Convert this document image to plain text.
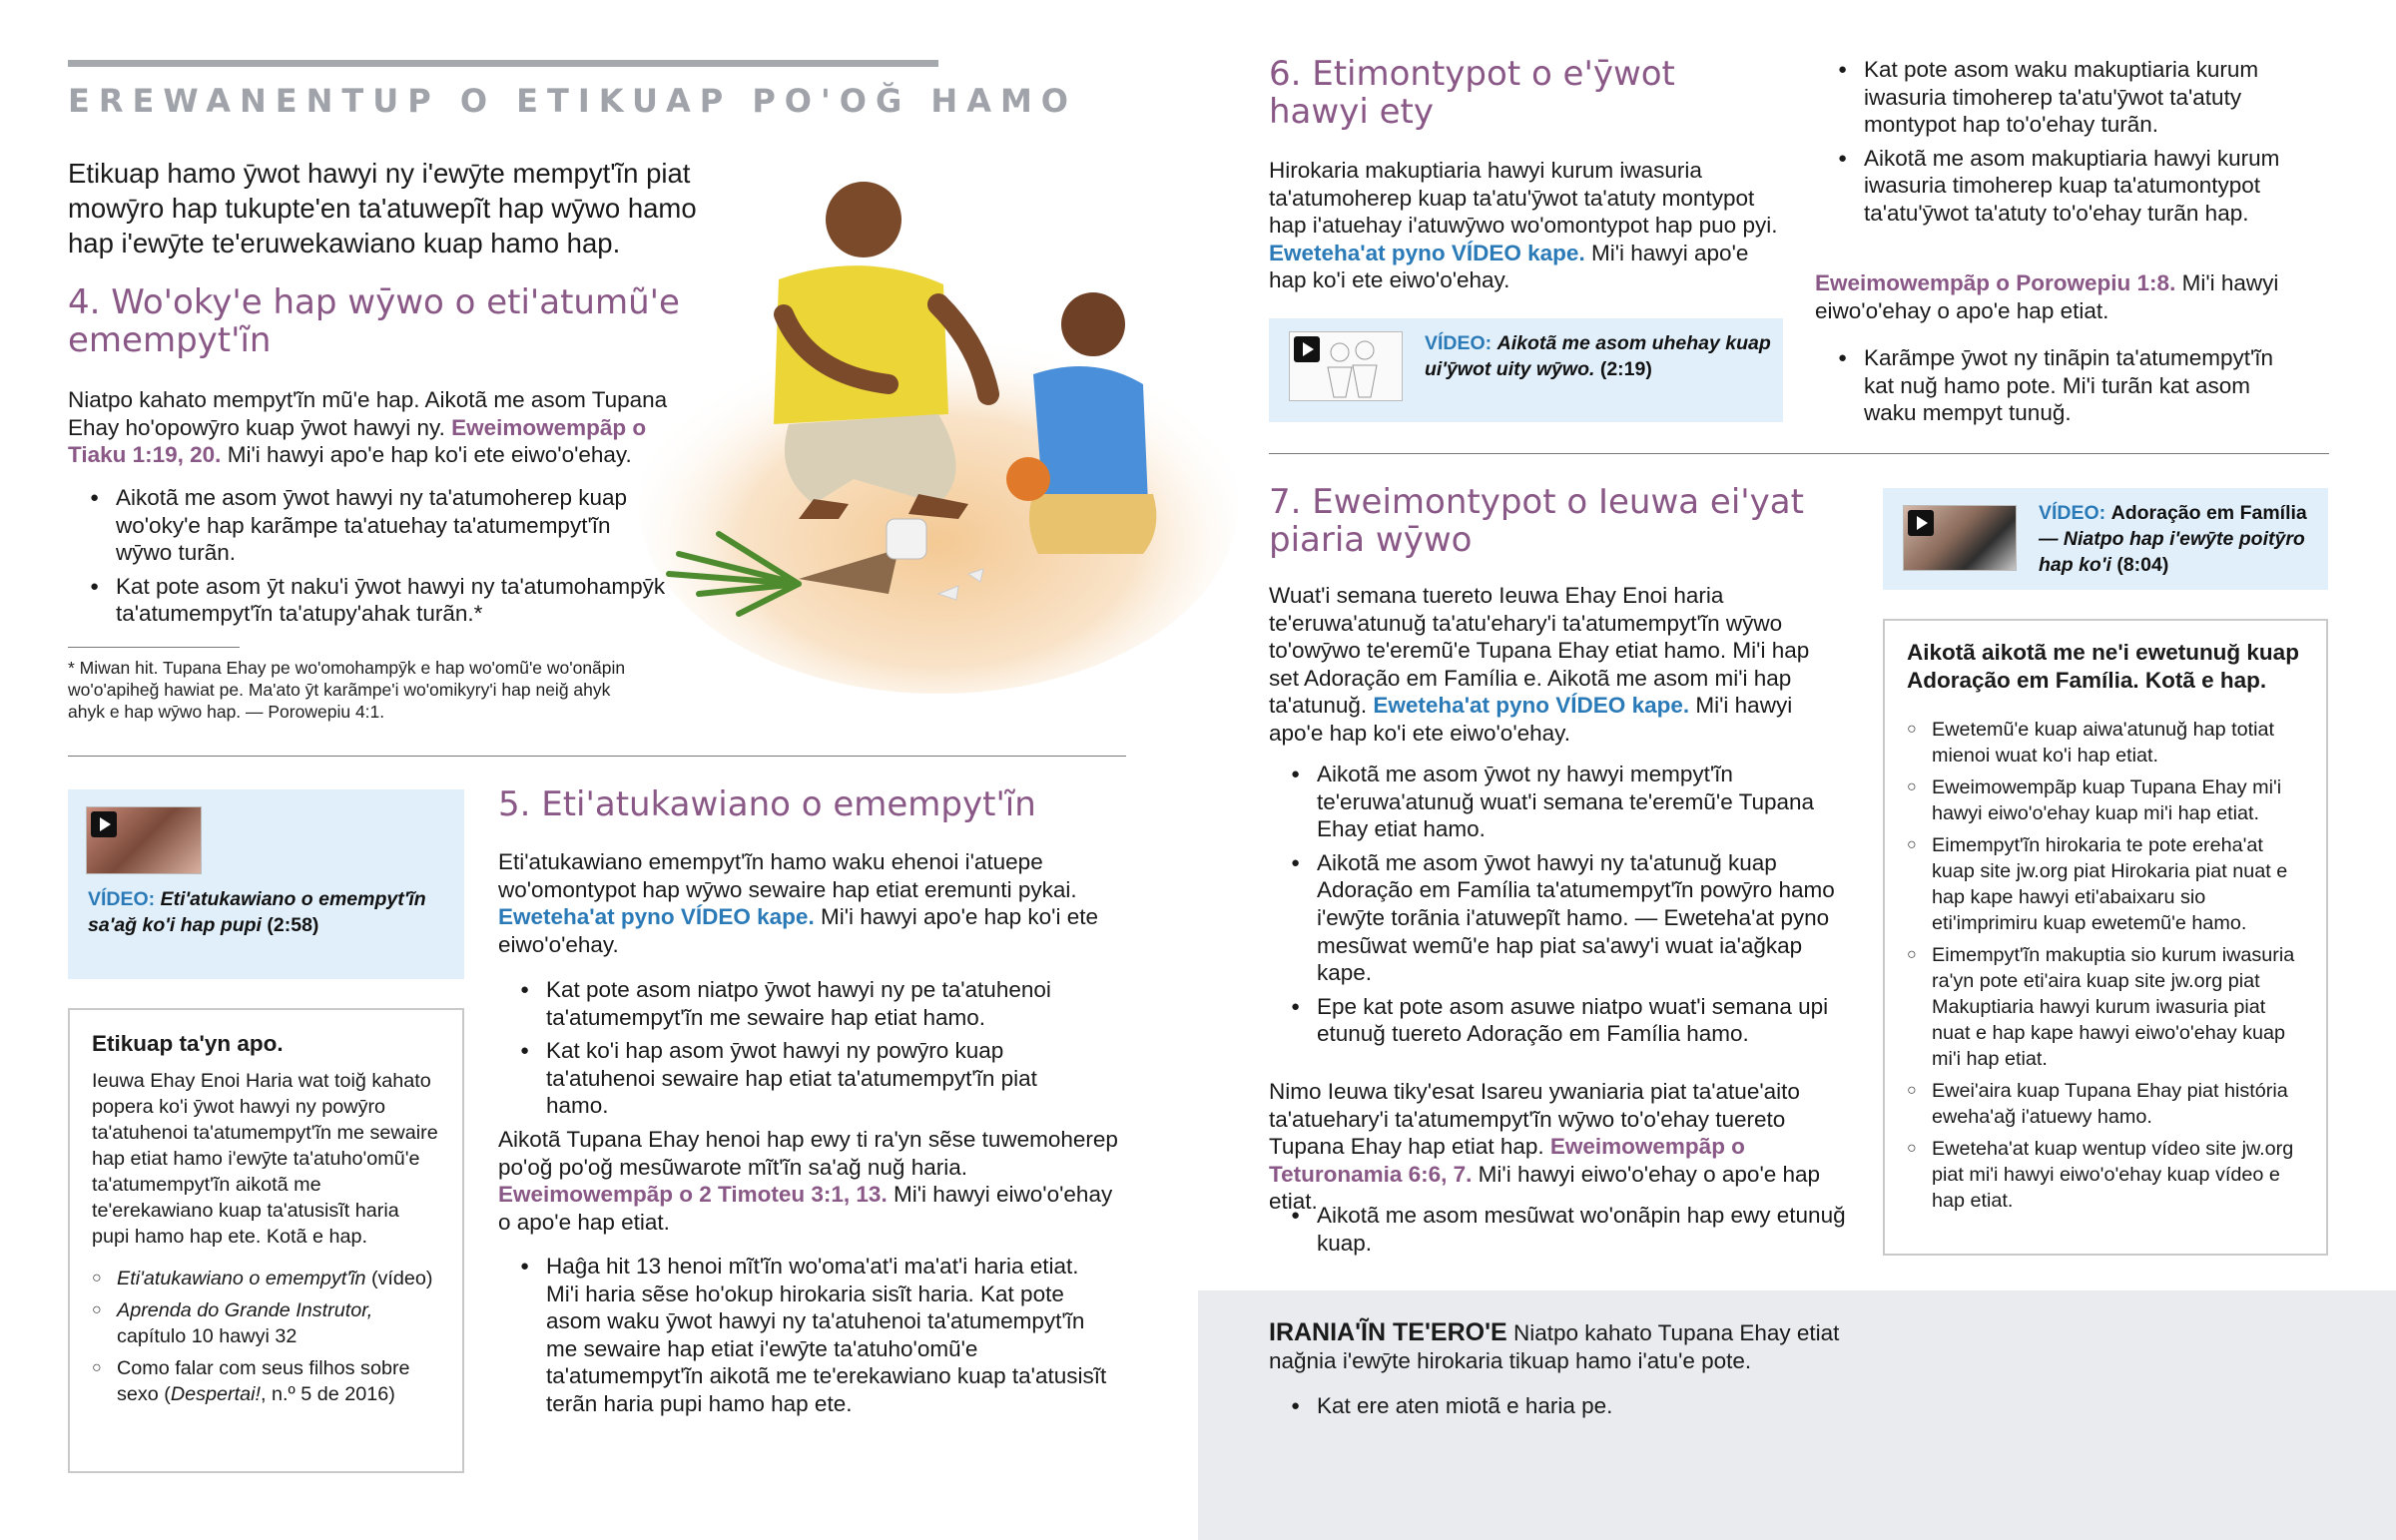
EREWANENTUP O ETIKUAP PO'OĞ HAMO
Etikuap hamo ȳwot hawyi ny i'ewȳte mempyt'ĩn piat mowȳro hap tukupte'en ta'atuwepĩt hap wȳwo hamo hap i'ewȳte te'eruwekawiano kuap hamo hap.
4. Wo'oky'e hap wȳwo o eti'atumũ'e emempyt'ĩn
Niatpo kahato mempyt'ĩn mũ'e hap. Aikotã me asom Tupana Ehay ho'opowȳro kuap ȳwot hawyi ny. Eweimowempãp o Tiaku 1:19, 20. Mi'i hawyi apo'e hap ko'i ete eiwo'o'ehay.
● Aikotã me asom ȳwot hawyi ny ta'atumoherep kuap wo'oky'e hap karãmpe ta'atuehay ta'atumempyt'ĩn wȳwo turãn.
● Kat pote asom ȳt naku'i ȳwot hawyi ny ta'atumohampȳk ta'atumempyt'ĩn ta'atupy'ahak turãn.*
* Miwan hit. Tupana Ehay pe wo'omohampȳk e hap wo'omũ'e wo'onãpin wo'o'apiheğ hawiat pe. Ma'ato ȳt karãmpe'i wo'omikyry'i hap neiğ ahyk ahyk e hap wȳwo hap. — Porowepiu 4:1.
VÍDEO: Eti'atukawiano o emempyt'ĩn sa'ağ ko'i hap pupi (2:58)
Etikuap ta'yn apo.
Ieuwa Ehay Enoi Haria wat toiğ kahato popera ko'i ȳwot hawyi ny powȳro ta'atuhenoi ta'atumempyt'ĩn me sewaire hap etiat hamo i'ewȳte ta'atuho'omũ'e ta'atumempyt'ĩn aikotã me te'erekawiano kuap ta'atusisĩt haria pupi hamo hap ete. Kotã e hap.
○ Eti'atukawiano o emempyt'ĩn (vídeo)
○ Aprenda do Grande Instrutor, capítulo 10 hawyi 32
○ Como falar com seus filhos sobre sexo (Despertai!, n.º 5 de 2016)
5. Eti'atukawiano o emempyt'ĩn
Eti'atukawiano emempyt'ĩn hamo waku ehenoi i'atuepe wo'omontypot hap wȳwo sewaire hap etiat eremunti pykai. Eweteha'at pyno VÍDEO kape. Mi'i hawyi apo'e hap ko'i ete eiwo'o'ehay.
● Kat pote asom niatpo ȳwot hawyi ny pe ta'atuhenoi ta'atumempyt'ĩn me sewaire hap etiat hamo.
● Kat ko'i hap asom ȳwot hawyi ny powȳro kuap ta'atuhenoi sewaire hap etiat ta'atumempyt'ĩn piat hamo.
Aikotã Tupana Ehay henoi hap ewy ti ra'yn sẽse tuwemoherep po'oğ po'oğ mesũwarote mĩt'ĩn sa'ağ nuğ haria. Eweimowempãp o 2 Timoteu 3:1, 13. Mi'i hawyi eiwo'o'ehay o apo'e hap etiat.
● Haĝa hit 13 henoi mĩt'ĩn wo'oma'at'i ma'at'i haria etiat. Mi'i haria sẽse ho'okup hirokaria sisĩt haria. Kat pote asom waku ȳwot hawyi ny ta'atuhenoi ta'atumempyt'ĩn me sewaire hap etiat i'ewȳte ta'atuho'omũ'e ta'atumempyt'ĩn aikotã me te'erekawiano kuap ta'atusisĩt terãn haria pupi hamo hap ete.
6. Etimontypot o e'ȳwot hawyi ety
Hirokaria makuptiaria hawyi kurum iwasuria ta'atumoherep kuap ta'atu'ȳwot ta'atuty montypot hap i'atuehay i'atuwȳwo wo'omontypot hap puo pyi. Eweteha'at pyno VÍDEO kape. Mi'i hawyi apo'e hap ko'i ete eiwo'o'ehay.
VÍDEO: Aikotã me asom uhehay kuap ui'ȳwot uity wȳwo. (2:19)
● Kat pote asom waku makuptiaria kurum iwasuria timoherep ta'atu'ȳwot ta'atuty montypot hap to'o'ehay turãn.
● Aikotã me asom makuptiaria hawyi kurum iwasuria timoherep kuap ta'atumontypot ta'atu'ȳwot ta'atuty to'o'ehay turãn hap.
Eweimowempãp o Porowepiu 1:8. Mi'i hawyi eiwo'o'ehay o apo'e hap etiat.
● Karãmpe ȳwot ny tinãpin ta'atumempyt'ĩn kat nuğ hamo pote. Mi'i turãn kat asom waku mempyt tunuğ.
7. Eweimontypot o Ieuwa ei'yat piaria wȳwo
Wuat'i semana tuereto Ieuwa Ehay Enoi haria te'eruwa'atunuğ ta'atu'ehary'i ta'atumempyt'ĩn wȳwo to'owȳwo te'eremũ'e Tupana Ehay etiat hamo. Mi'i hap set Adoração em Família e. Aikotã me asom mi'i hap ta'atunuğ. Eweteha'at pyno VÍDEO kape. Mi'i hawyi apo'e hap ko'i ete eiwo'o'ehay.
● Aikotã me asom ȳwot ny hawyi mempyt'ĩn te'eruwa'atunuğ wuat'i semana te'eremũ'e Tupana Ehay etiat hamo.
● Aikotã me asom ȳwot hawyi ny ta'atunuğ kuap Adoração em Família ta'atumempyt'ĩn powȳro hamo i'ewȳte torãnia i'atuwepĩt hamo. — Eweteha'at pyno mesũwat wemũ'e hap piat sa'awy'i wuat ia'ağkap kape.
● Epe kat pote asom asuwe niatpo wuat'i semana upi etunuğ tuereto Adoração em Família hamo.
Nimo Ieuwa tiky'esat Isareu ywaniaria piat ta'atue'aito ta'atuehary'i ta'atumempyt'ĩn wȳwo to'o'ehay tuereto Tupana Ehay hap etiat hap. Eweimowempãp o Teturonamia 6:6, 7. Mi'i hawyi eiwo'o'ehay o apo'e hap etiat.
● Aikotã me asom mesũwat wo'onãpin hap ewy etunuğ kuap.
VÍDEO: Adoração em Família — Niatpo hap i'ewȳte poitȳro hap ko'i (8:04)
Aikotã aikotã me ne'i ewetunuğ kuap Adoração em Família. Kotã e hap.
○ Ewetemũ'e kuap aiwa'atunuğ hap totiat mienoi wuat ko'i hap etiat.
○ Eweimowempãp kuap Tupana Ehay mi'i hawyi eiwo'o'ehay kuap mi'i hap etiat.
○ Eimempyt'ĩn hirokaria te pote ereha'at kuap site jw.org piat Hirokaria piat nuat e hap kape hawyi eti'abaixaru sio eti'imprimiru kuap ewetemũ'e hamo.
○ Eimempyt'ĩn makuptia sio kurum iwasuria ra'yn pote eti'aira kuap site jw.org piat Makuptiaria hawyi kurum iwasuria piat nuat e hap kape hawyi eiwo'o'ehay kuap mi'i hap etiat.
○ Ewei'aira kuap Tupana Ehay piat história eweha'ağ i'atuewy hamo.
○ Eweteha'at kuap wentup vídeo site jw.org piat mi'i hawyi eiwo'o'ehay kuap vídeo e hap etiat.
IRANIA'ĨN TE'ERO'E Niatpo kahato Tupana Ehay etiat nağnia i'ewȳte hirokaria tikuap hamo i'atu'e pote.
● Kat ere aten miotã e haria pe.
